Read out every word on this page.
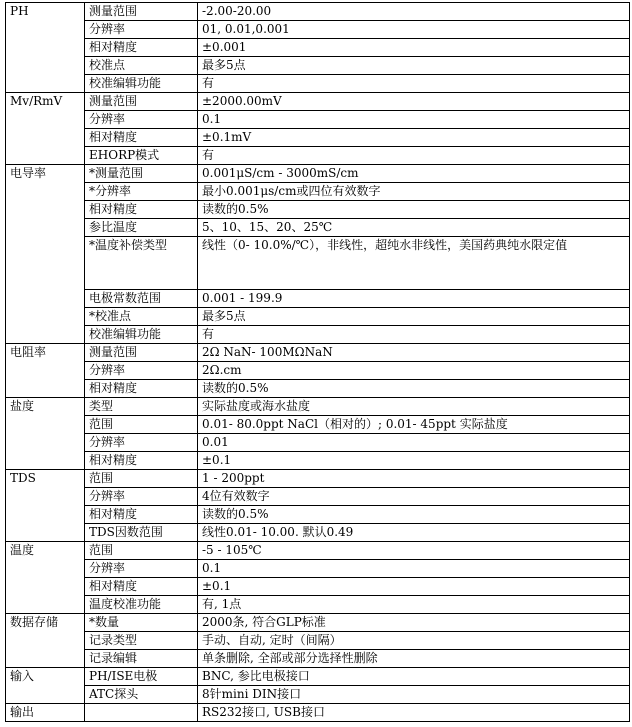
PH	测量范围	-2.00-20.00
	分辨率	01, 0.01,0.001
	相对精度	±0.001
	校准点	最多5点
	校准编辑功能	有
Mv/RmV	测量范围	±2000.00mV
	分辨率	0.1
	相对精度	±0.1mV
	EHORP模式	有
电导率	*测量范围	0.001μS/cm - 3000mS/cm
	*分辨率	最小0.001μs/cm或四位有效数字
	相对精度	读数的0.5%
	参比温度	5、10、15、20、25℃
	*温度补偿类型	线性（0- 10.0%/℃），非线性，超纯水非线性，美国药典纯水限定值
	电极常数范围	0.001 - 199.9
	*校准点	最多5点
	校准编辑功能	有
电阻率	测量范围	2Ω NaN- 100MΩNaN
	分辨率	2Ω.cm
	相对精度	读数的0.5%
盐度	类型	实际盐度或海水盐度
	范围	0.01- 80.0ppt NaCl（相对的）; 0.01- 45ppt 实际盐度
	分辨率	0.01
	相对精度	±0.1
TDS	范围	1 - 200ppt
	分辨率	4位有效数字
	相对精度	读数的0.5%
	TDS因数范围	线性0.01- 10.00. 默认0.49
温度	范围	-5 - 105℃
	分辨率	0.1
	相对精度	±0.1
	温度校准功能	有, 1点
数据存储	*数量	2000条, 符合GLP标准
	记录类型	手动、自动, 定时（间隔）
	记录编辑	单条删除, 全部或部分选择性删除
输入	PH/ISE电极	BNC, 参比电极接口
	ATC探头	8针mini DIN接口
输出		RS232接口, USB接口
